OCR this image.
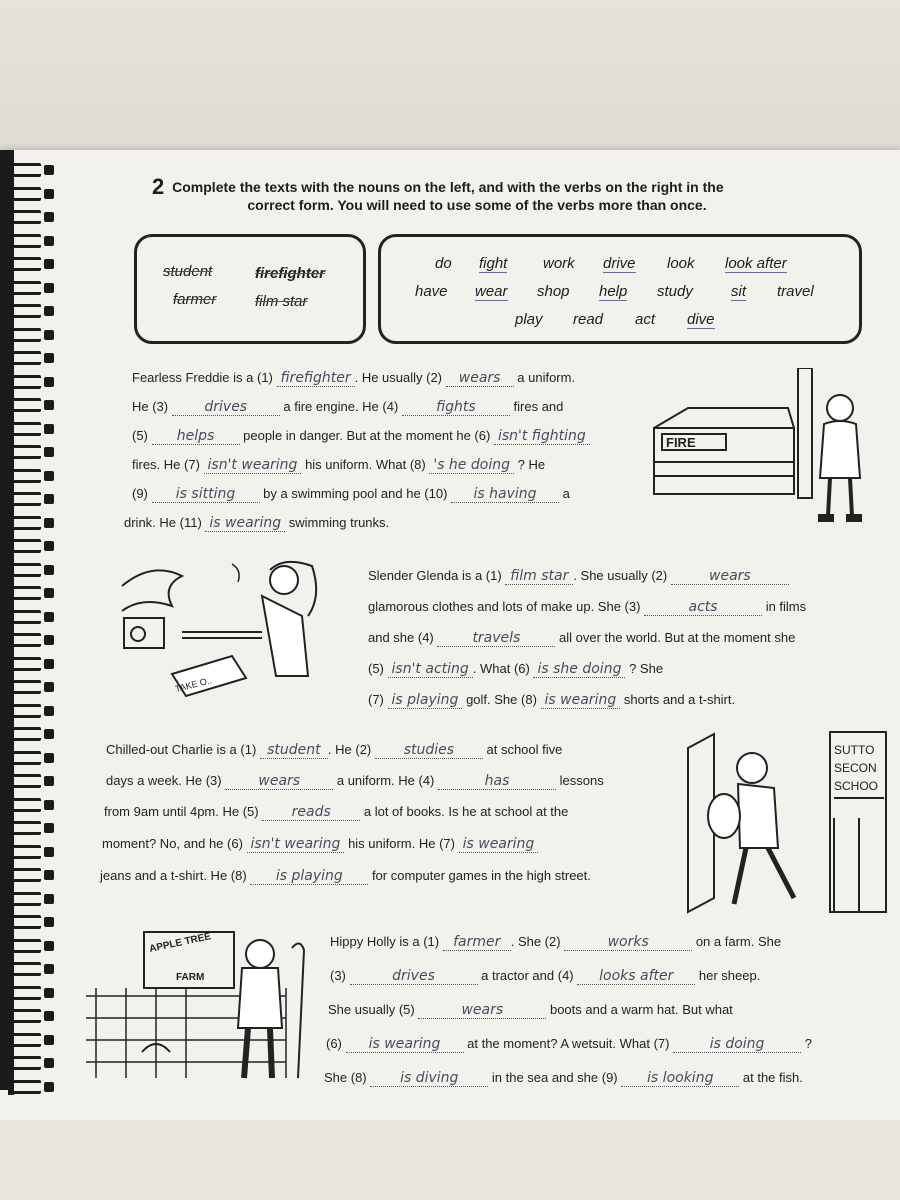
2 Complete the texts with the nouns on the left, and with the verbs on the right in the
correct form. You will need to use some of the verbs more than once.
student	firefighter
farmer	film star
do fight work drive look look after
have wear shop help study	sit travel
play read act dive
Fearless Freddie is a (1) firefighter . He usually (2) wears a uniform.
He (3)	drives	a fire engine. He (4)	fights	fires and
(5) helps people in danger. But at the moment he (6) isn't fighting
fires. He (7) isn't wearing his uniform. What (8) 's he doing ? He
(9) is sitting by a swimming pool and he (10) is having a
drink. He (11) is wearing swimming trunks.
FIRE
TAKE O..
Slender Glenda is a (1) film star . She usually (2)	wears
glamorous clothes and lots of make up. She (3)	acts	in films
and she (4)	travels	all over the world. But at the moment she
(5) isn't acting . What (6) is she doing ? She
(7) is playing golf. She (8) is wearing shorts and a t-shirt.
Chilled-out Charlie is a (1) student . He (2) studies at school five
days a week. He (3)	wears	a uniform. He (4)	has	lessons
from 9am until 4pm. He (5) reads	a lot of books. Is he at school at the
moment? No, and he (6) isn't wearing his uniform. He (7) is wearing
jeans and a t-shirt. He (8) is playing for computer games in the high street.
SUTTO
SECON
SCHOO
APPLE TREE
FARM
Hippy Holly is a (1) farmer . She (2)	works	on a farm. She
(3)	drives	a tractor and (4) looks after her sheep.
She usually (5)	wears	boots and a warm hat. But what
(6) is wearing at the moment? A wetsuit. What (7)	is doing	?
She (8) is diving	in the sea and she (9) is looking at the fish.
